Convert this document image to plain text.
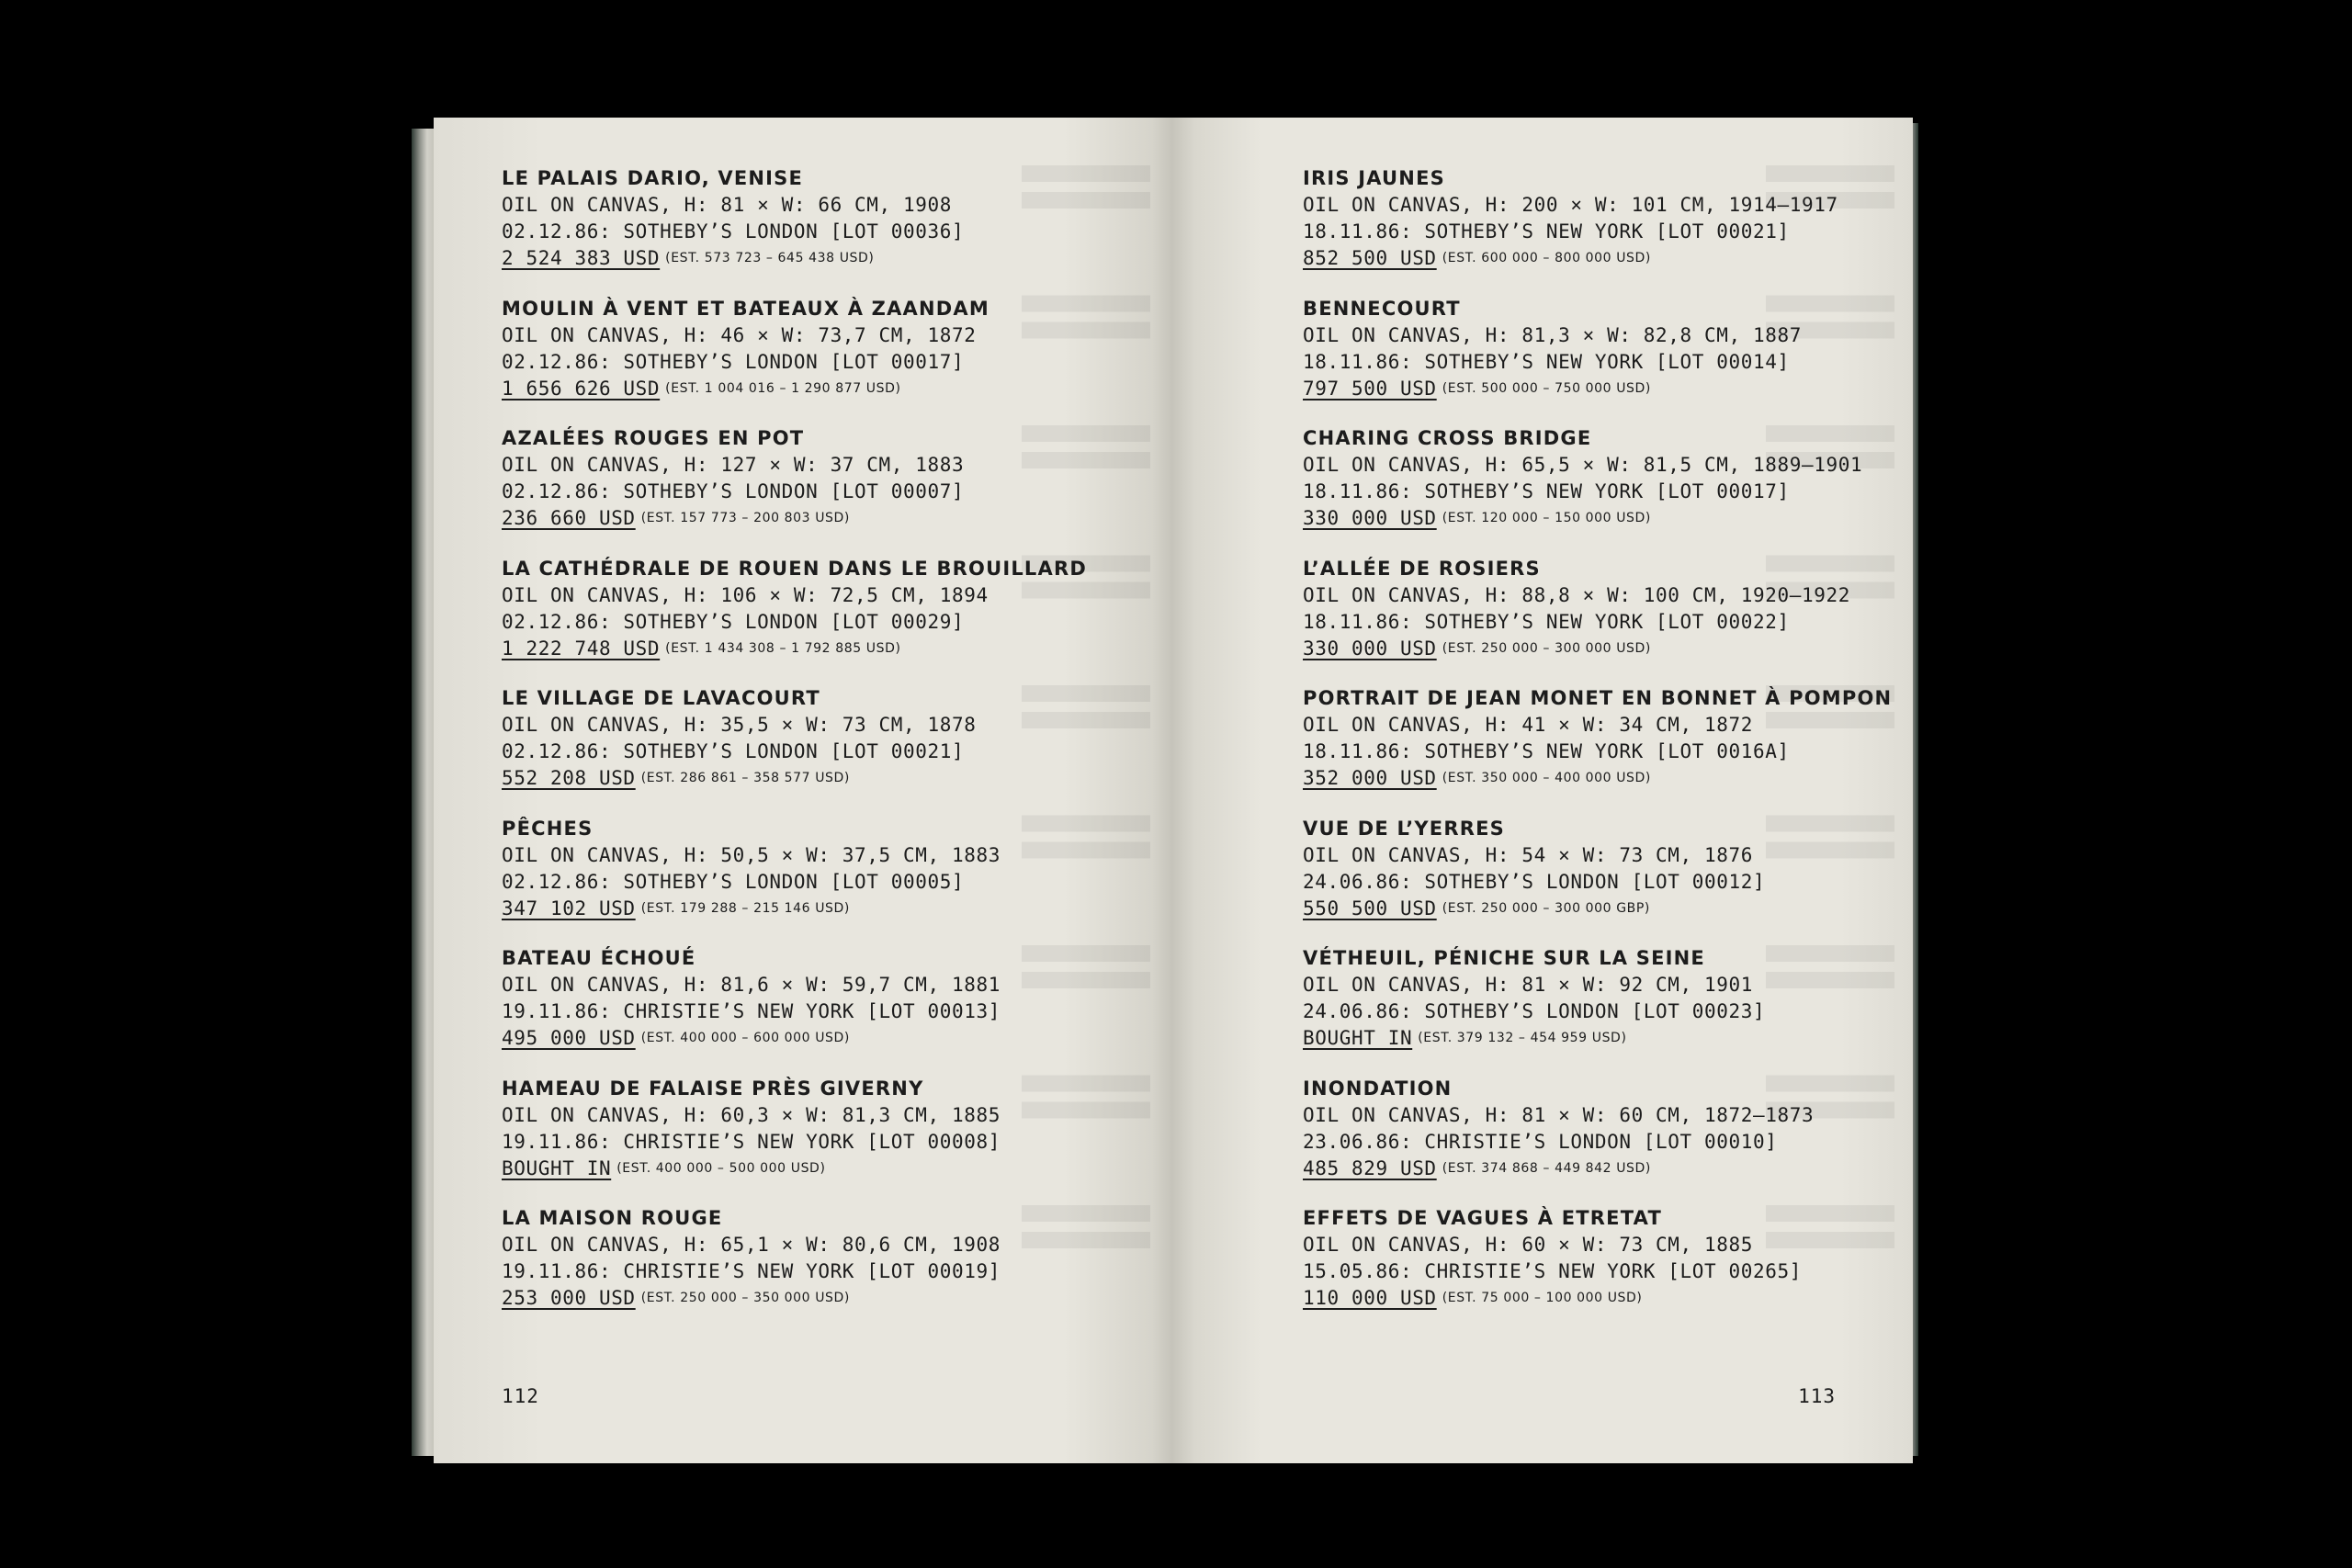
LE PALAIS DARIO, VENISE
OIL ON CANVAS, H: 81 × W: 66 CM, 1908
02.12.86: SOTHEBY’S LONDON [LOT 00036]
2 524 383 USD (EST. 573 723 – 645 438 USD)
MOULIN À VENT ET BATEAUX À ZAANDAM
OIL ON CANVAS, H: 46 × W: 73,7 CM, 1872
02.12.86: SOTHEBY’S LONDON [LOT 00017]
1 656 626 USD (EST. 1 004 016 – 1 290 877 USD)
AZALÉES ROUGES EN POT
OIL ON CANVAS, H: 127 × W: 37 CM, 1883
02.12.86: SOTHEBY’S LONDON [LOT 00007]
236 660 USD (EST. 157 773 – 200 803 USD)
LA CATHÉDRALE DE ROUEN DANS LE BROUILLARD
OIL ON CANVAS, H: 106 × W: 72,5 CM, 1894
02.12.86: SOTHEBY’S LONDON [LOT 00029]
1 222 748 USD (EST. 1 434 308 – 1 792 885 USD)
LE VILLAGE DE LAVACOURT
OIL ON CANVAS, H: 35,5 × W: 73 CM, 1878
02.12.86: SOTHEBY’S LONDON [LOT 00021]
552 208 USD (EST. 286 861 – 358 577 USD)
PÊCHES
OIL ON CANVAS, H: 50,5 × W: 37,5 CM, 1883
02.12.86: SOTHEBY’S LONDON [LOT 00005]
347 102 USD (EST. 179 288 – 215 146 USD)
BATEAU ÉCHOUÉ
OIL ON CANVAS, H: 81,6 × W: 59,7 CM, 1881
19.11.86: CHRISTIE’S NEW YORK [LOT 00013]
495 000 USD (EST. 400 000 – 600 000 USD)
HAMEAU DE FALAISE PRÈS GIVERNY
OIL ON CANVAS, H: 60,3 × W: 81,3 CM, 1885
19.11.86: CHRISTIE’S NEW YORK [LOT 00008]
BOUGHT IN (EST. 400 000 – 500 000 USD)
LA MAISON ROUGE
OIL ON CANVAS, H: 65,1 × W: 80,6 CM, 1908
19.11.86: CHRISTIE’S NEW YORK [LOT 00019]
253 000 USD (EST. 250 000 – 350 000 USD)
112
IRIS JAUNES
OIL ON CANVAS, H: 200 × W: 101 CM, 1914–1917
18.11.86: SOTHEBY’S NEW YORK [LOT 00021]
852 500 USD (EST. 600 000 – 800 000 USD)
BENNECOURT
OIL ON CANVAS, H: 81,3 × W: 82,8 CM, 1887
18.11.86: SOTHEBY’S NEW YORK [LOT 00014]
797 500 USD (EST. 500 000 – 750 000 USD)
CHARING CROSS BRIDGE
OIL ON CANVAS, H: 65,5 × W: 81,5 CM, 1889–1901
18.11.86: SOTHEBY’S NEW YORK [LOT 00017]
330 000 USD (EST. 120 000 – 150 000 USD)
L’ALLÉE DE ROSIERS
OIL ON CANVAS, H: 88,8 × W: 100 CM, 1920–1922
18.11.86: SOTHEBY’S NEW YORK [LOT 00022]
330 000 USD (EST. 250 000 – 300 000 USD)
PORTRAIT DE JEAN MONET EN BONNET À POMPON
OIL ON CANVAS, H: 41 × W: 34 CM, 1872
18.11.86: SOTHEBY’S NEW YORK [LOT 0016A]
352 000 USD (EST. 350 000 – 400 000 USD)
VUE DE L’YERRES
OIL ON CANVAS, H: 54 × W: 73 CM, 1876
24.06.86: SOTHEBY’S LONDON [LOT 00012]
550 500 USD (EST. 250 000 – 300 000 GBP)
VÉTHEUIL, PÉNICHE SUR LA SEINE
OIL ON CANVAS, H: 81 × W: 92 CM, 1901
24.06.86: SOTHEBY’S LONDON [LOT 00023]
BOUGHT IN (EST. 379 132 – 454 959 USD)
INONDATION
OIL ON CANVAS, H: 81 × W: 60 CM, 1872–1873
23.06.86: CHRISTIE’S LONDON [LOT 00010]
485 829 USD (EST. 374 868 – 449 842 USD)
EFFETS DE VAGUES À ETRETAT
OIL ON CANVAS, H: 60 × W: 73 CM, 1885
15.05.86: CHRISTIE’S NEW YORK [LOT 00265]
110 000 USD (EST. 75 000 – 100 000 USD)
113
